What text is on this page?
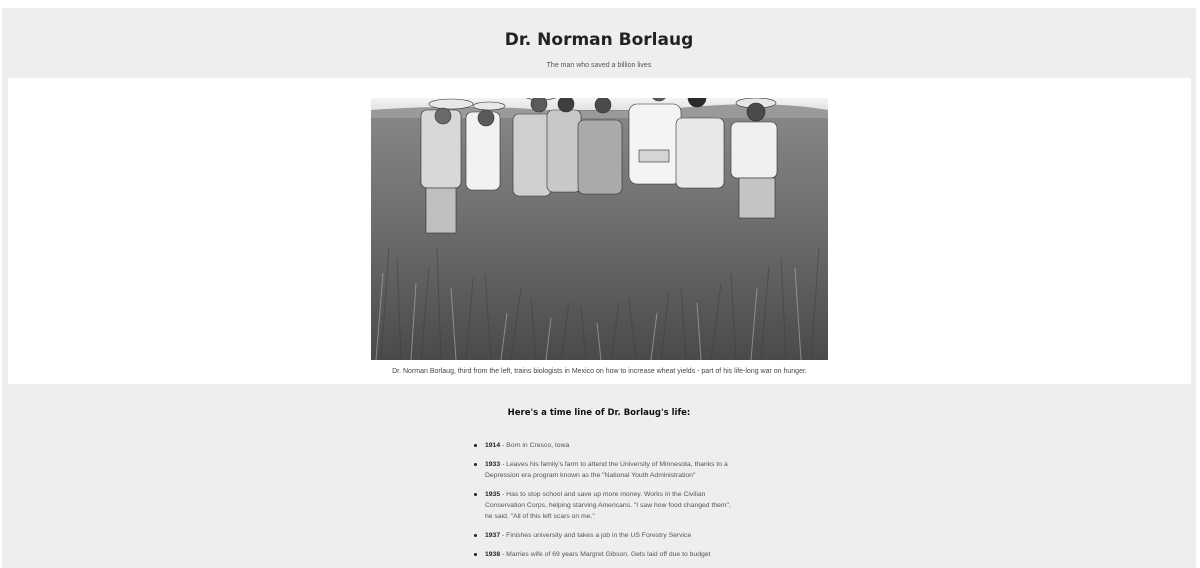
Dr. Norman Borlaug

The man who saved a billion lives

Dr. Norman Borlaug, third from the left, trains biologists in Mexico on how to increase wheat yields - part of his life-long war on hunger.
Here's a time line of Dr. Borlaug's life:
1914 - Born in Cresco, Iowa
1933 - Leaves his family's farm to attend the University of Minnesota, thanks to a Depression era program known as the "National Youth Administration"
1935 - Has to stop school and save up more money. Works in the Civilian Conservation Corps, helping starving Americans. "I saw how food changed them", he said. "All of this left scars on me."
1937 - Finishes university and takes a job in the US Forestry Service
1938 - Marries wife of 69 years Margret Gibson. Gets laid off due to budget
